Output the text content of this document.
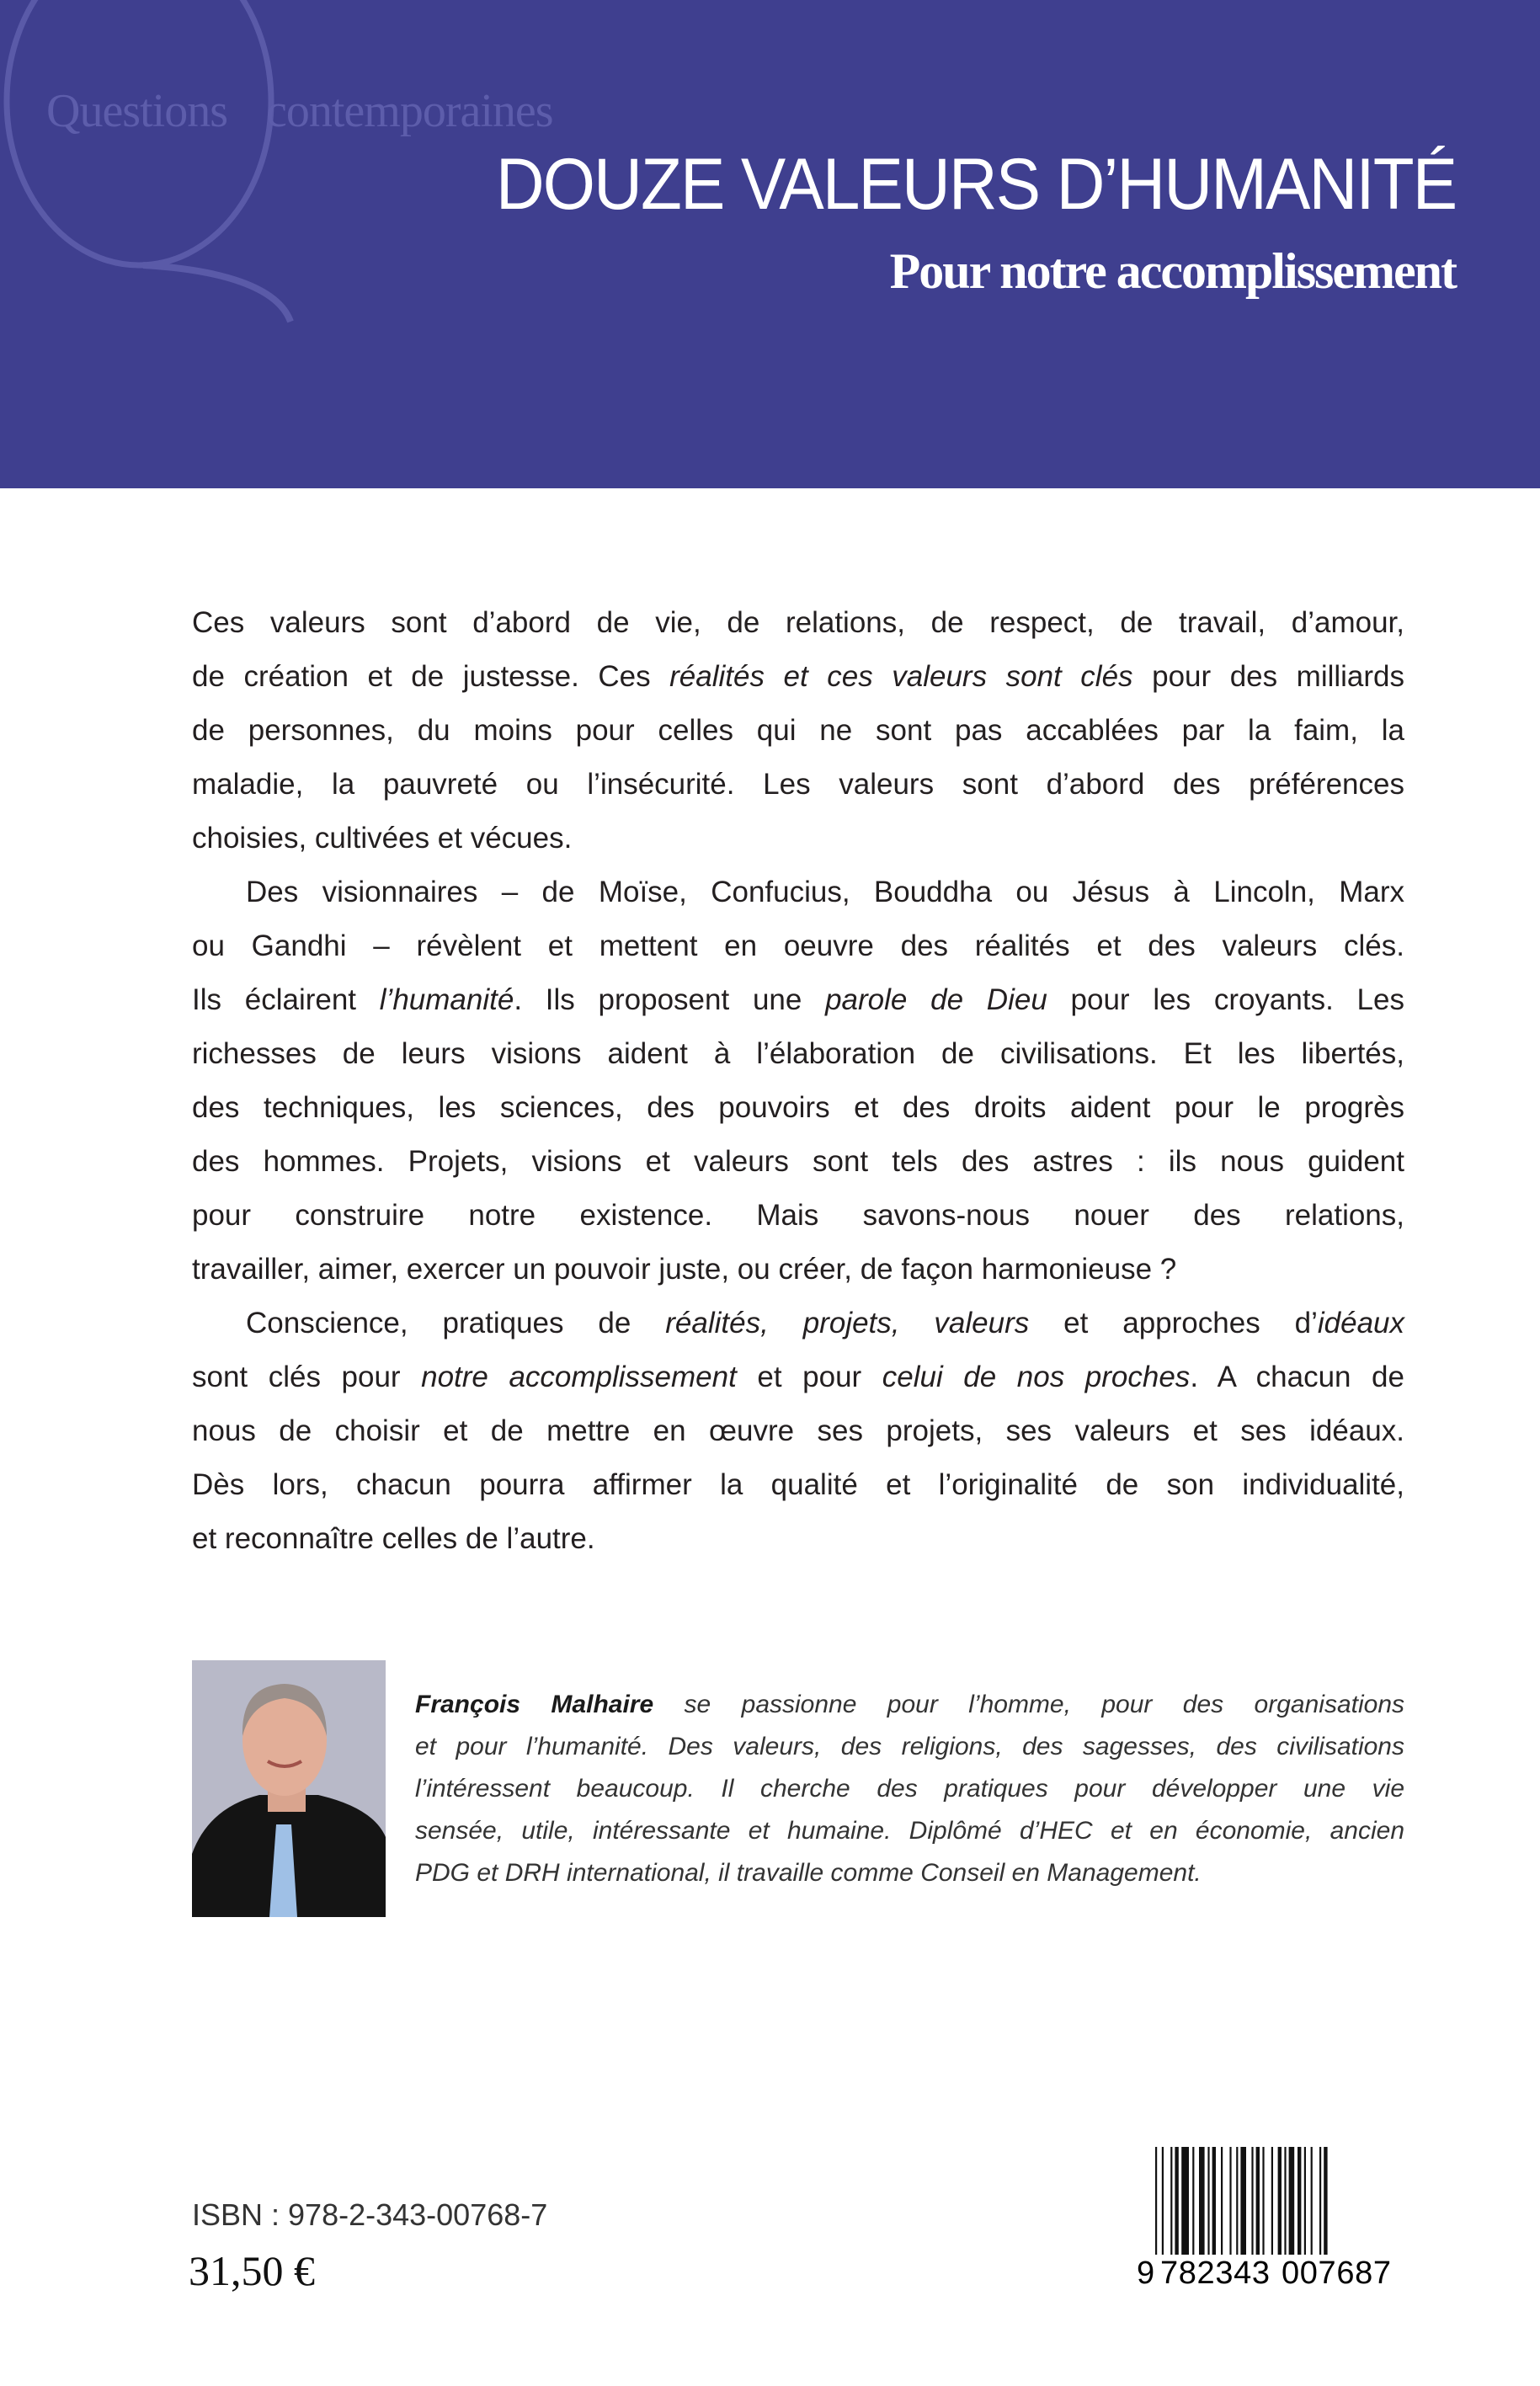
Questions contemporaines
DOUZE VALEURS D’HUMANITÉ
Pour notre accomplissement
Ces valeurs sont d’abord de vie, de relations, de respect, de travail, d’amour,
de création et de justesse. Ces réalités et ces valeurs sont clés pour des milliards
de personnes, du moins pour celles qui ne sont pas accablées par la faim, la
maladie, la pauvreté ou l’insécurité. Les valeurs sont d’abord des préférences
choisies, cultivées et vécues.
Des visionnaires – de Moïse, Confucius, Bouddha ou Jésus à Lincoln, Marx
ou Gandhi – révèlent et mettent en oeuvre des réalités et des valeurs clés.
Ils éclairent l’humanité. Ils proposent une parole de Dieu pour les croyants. Les
richesses de leurs visions aident à l’élaboration de civilisations. Et les libertés,
des techniques, les sciences, des pouvoirs et des droits aident pour le progrès
des hommes. Projets, visions et valeurs sont tels des astres : ils nous guident
pour construire notre existence. Mais savons-nous nouer des relations,
travailler, aimer, exercer un pouvoir juste, ou créer, de façon harmonieuse ?
Conscience, pratiques de réalités, projets, valeurs et approches d’idéaux
sont clés pour notre accomplissement et pour celui de nos proches. A chacun de
nous de choisir et de mettre en œuvre ses projets, ses valeurs et ses idéaux.
Dès lors, chacun pourra affirmer la qualité et l’originalité de son individualité,
et reconnaître celles de l’autre.
François Malhaire se passionne pour l’homme, pour des organisations
et pour l’humanité. Des valeurs, des religions, des sagesses, des civilisations
l’intéressent beaucoup. Il cherche des pratiques pour développer une vie
sensée, utile, intéressante et humaine. Diplômé d’HEC et en économie, ancien
PDG et DRH international, il travaille comme Conseil en Management.
ISBN : 978-2-343-00768-7
31,50 €	9 782343 007687
